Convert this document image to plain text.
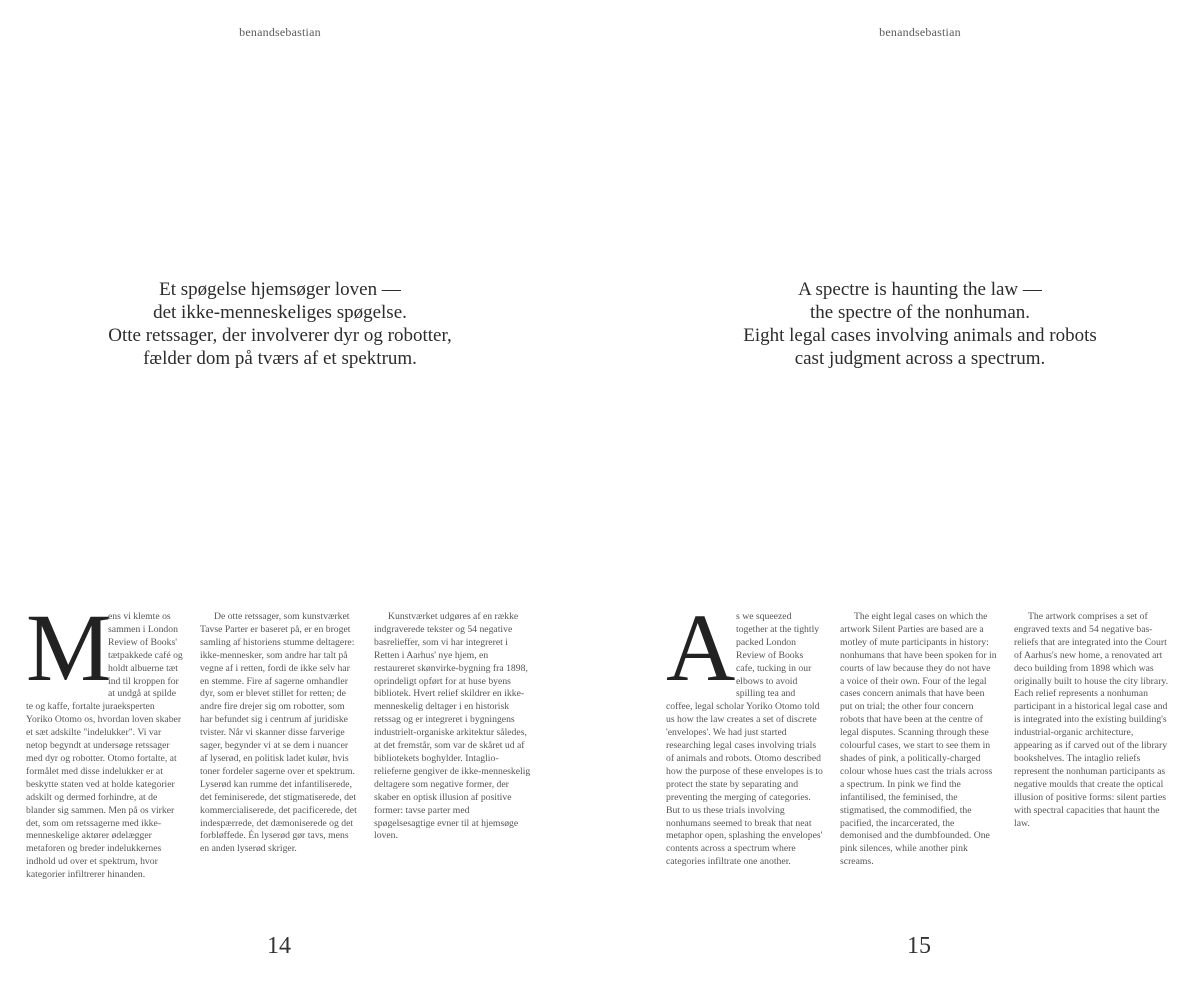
benandsebastian
Et spøgelse hjemsøger loven —
det ikke-menneskeliges spøgelse.
Otte retssager, der involverer dyr og robotter,
fælder dom på tværs af et spektrum.
M

ens vi klemte os sammen i London Review of Books' tætpakkede café og holdt albuerne tæt ind til kroppen for at undgå at spilde te og kaffe, fortalte juraeksperten Yoriko Otomo os, hvordan loven skaber et sæt adskilte "indelukker". Vi var netop begyndt at undersøge retssager med dyr og robotter. Otomo fortalte, at formålet med disse indelukker er at beskytte staten ved at holde kategorier adskilt og dermed forhindre, at de blander sig sammen. Men på os virker det, som om retssagerne med ikke-menneskelige aktører ødelægger metaforen og breder indelukkernes indhold ud over et spektrum, hvor kategorier infiltrerer hinanden.

De otte retssager, som kunstværket Tavse Parter er baseret på, er en broget samling af historiens stumme deltagere: ikke-mennesker, som andre har talt på vegne af i retten, fordi de ikke selv har en stemme. Fire af sagerne omhandler dyr, som er blevet stillet for retten; de andre fire drejer sig om robotter, som har befundet sig i centrum af juridiske tvister. Når vi skanner disse farverige sager, begynder vi at se dem i nuancer af lyserød, en politisk ladet kulør, hvis toner fordeler sagerne over et spektrum. Lyserød kan rumme det infantiliserede, det feminiserede, det stigmatiserede, det kommercialiserede, det pacificerede, det indespærrede, det dæmoniserede og det forbløffede. Én lyserød gør tavs, mens en anden lyserød skriger.

Kunstværket udgøres af en række indgraverede tekster og 54 negative basrelieffer, som vi har integreret i Retten i Aarhus' nye hjem, en restaureret skønvirke-bygning fra 1898, oprindeligt opført for at huse byens bibliotek. Hvert relief skildrer en ikke-menneskelig deltager i en historisk retssag og er integreret i bygningens industrielt-organiske arkitektur således, at det fremstår, som var de skåret ud af bibliotekets boghylder. Intaglio-relieferne gengiver de ikke-menneskelig deltagere som negative former, der skaber en optisk illusion af positive former: tavse parter med spøgelsesagtige evner til at hjemsøge loven.

14
benandsebastian
A spectre is haunting the law —
the spectre of the nonhuman.
Eight legal cases involving animals and robots
cast judgment across a spectrum.
A s we squeezed together at the tightly packed London Review of Books cafe, tucking in our elbows to avoid spilling tea and coffee, legal scholar Yoriko Otomo told us how the law creates a set of discrete 'envelopes'. We had just started researching legal cases involving trials of animals and robots. Otomo described how the purpose of these envelopes is to protect the state by separating and preventing the merging of categories. But to us these trials involving nonhumans seemed to break that neat metaphor open, splashing the envelopes' contents across a spectrum where categories infiltrate one another.

The eight legal cases on which the artwork Silent Parties are based are a motley of mute participants in history: nonhumans that have been spoken for in courts of law because they do not have a voice of their own. Four of the legal cases concern animals that have been put on trial; the other four concern robots that have been at the centre of legal disputes. Scanning through these colourful cases, we start to see them in shades of pink, a politically-charged colour whose hues cast the trials across a spectrum. In pink we find the infantilised, the feminised, the stigmatised, the commodified, the pacified, the incarcerated, the demonised and the dumbfounded. One pink silences, while another pink screams.

The artwork comprises a set of engraved texts and 54 negative bas-reliefs that are integrated into the Court of Aarhus's new home, a renovated art deco building from 1898 which was originally built to house the city library. Each relief represents a nonhuman participant in a historical legal case and is integrated into the existing building's industrial-organic architecture, appearing as if carved out of the library bookshelves. The intaglio reliefs represent the nonhuman participants as negative moulds that create the optical illusion of positive forms: silent parties with spectral capacities that haunt the law.

15
